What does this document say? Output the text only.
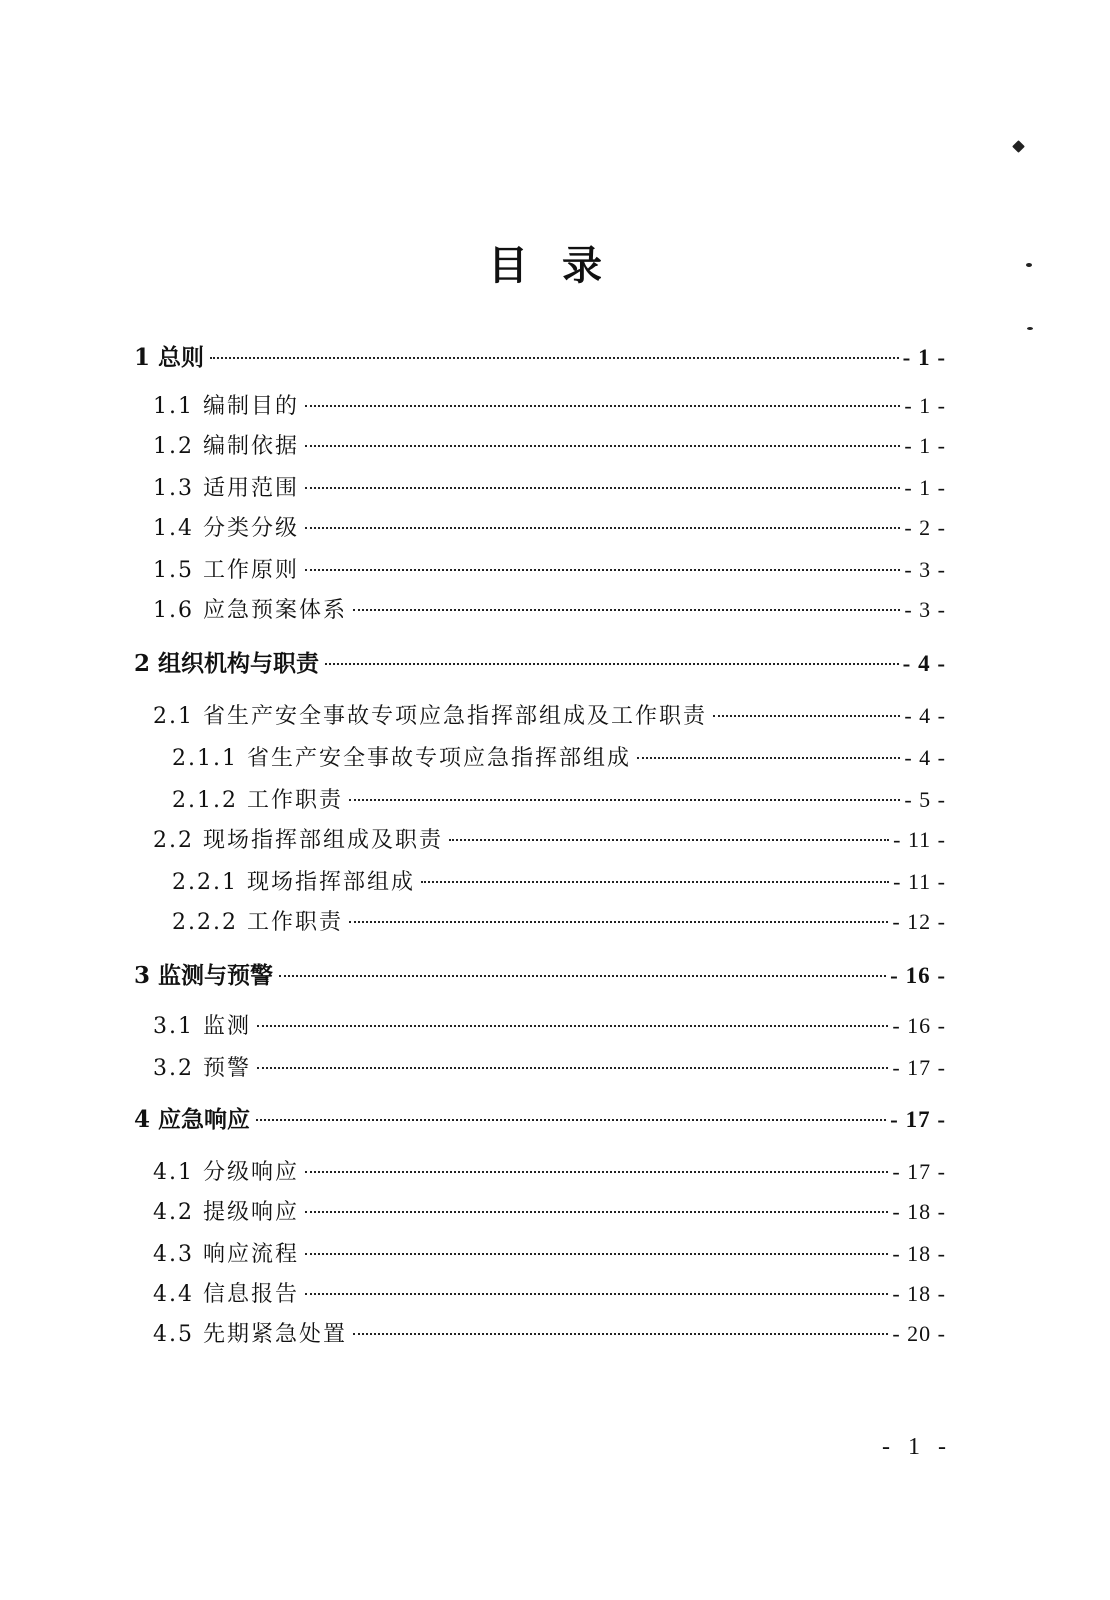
目录
1 总则	- 1 -
1.1 编制目的	- 1 -
1.2 编制依据	- 1 -
1.3 适用范围	- 1 -
1.4 分类分级	- 2 -
1.5 工作原则	- 3 -
1.6 应急预案体系	- 3 -
2 组织机构与职责	- 4 -
2.1 省生产安全事故专项应急指挥部组成及工作职责	- 4 -
2.1.1 省生产安全事故专项应急指挥部组成	- 4 -
2.1.2 工作职责	- 5 -
2.2 现场指挥部组成及职责	- 11 -
2.2.1 现场指挥部组成	- 11 -
2.2.2 工作职责	- 12 -
3 监测与预警	- 16 -
3.1 监测	- 16 -
3.2 预警	- 17 -
4 应急响应	- 17 -
4.1 分级响应	- 17 -
4.2 提级响应	- 18 -
4.3 响应流程	- 18 -
4.4 信息报告	- 18 -
4.5 先期紧急处置	- 20 -
- 1 -
